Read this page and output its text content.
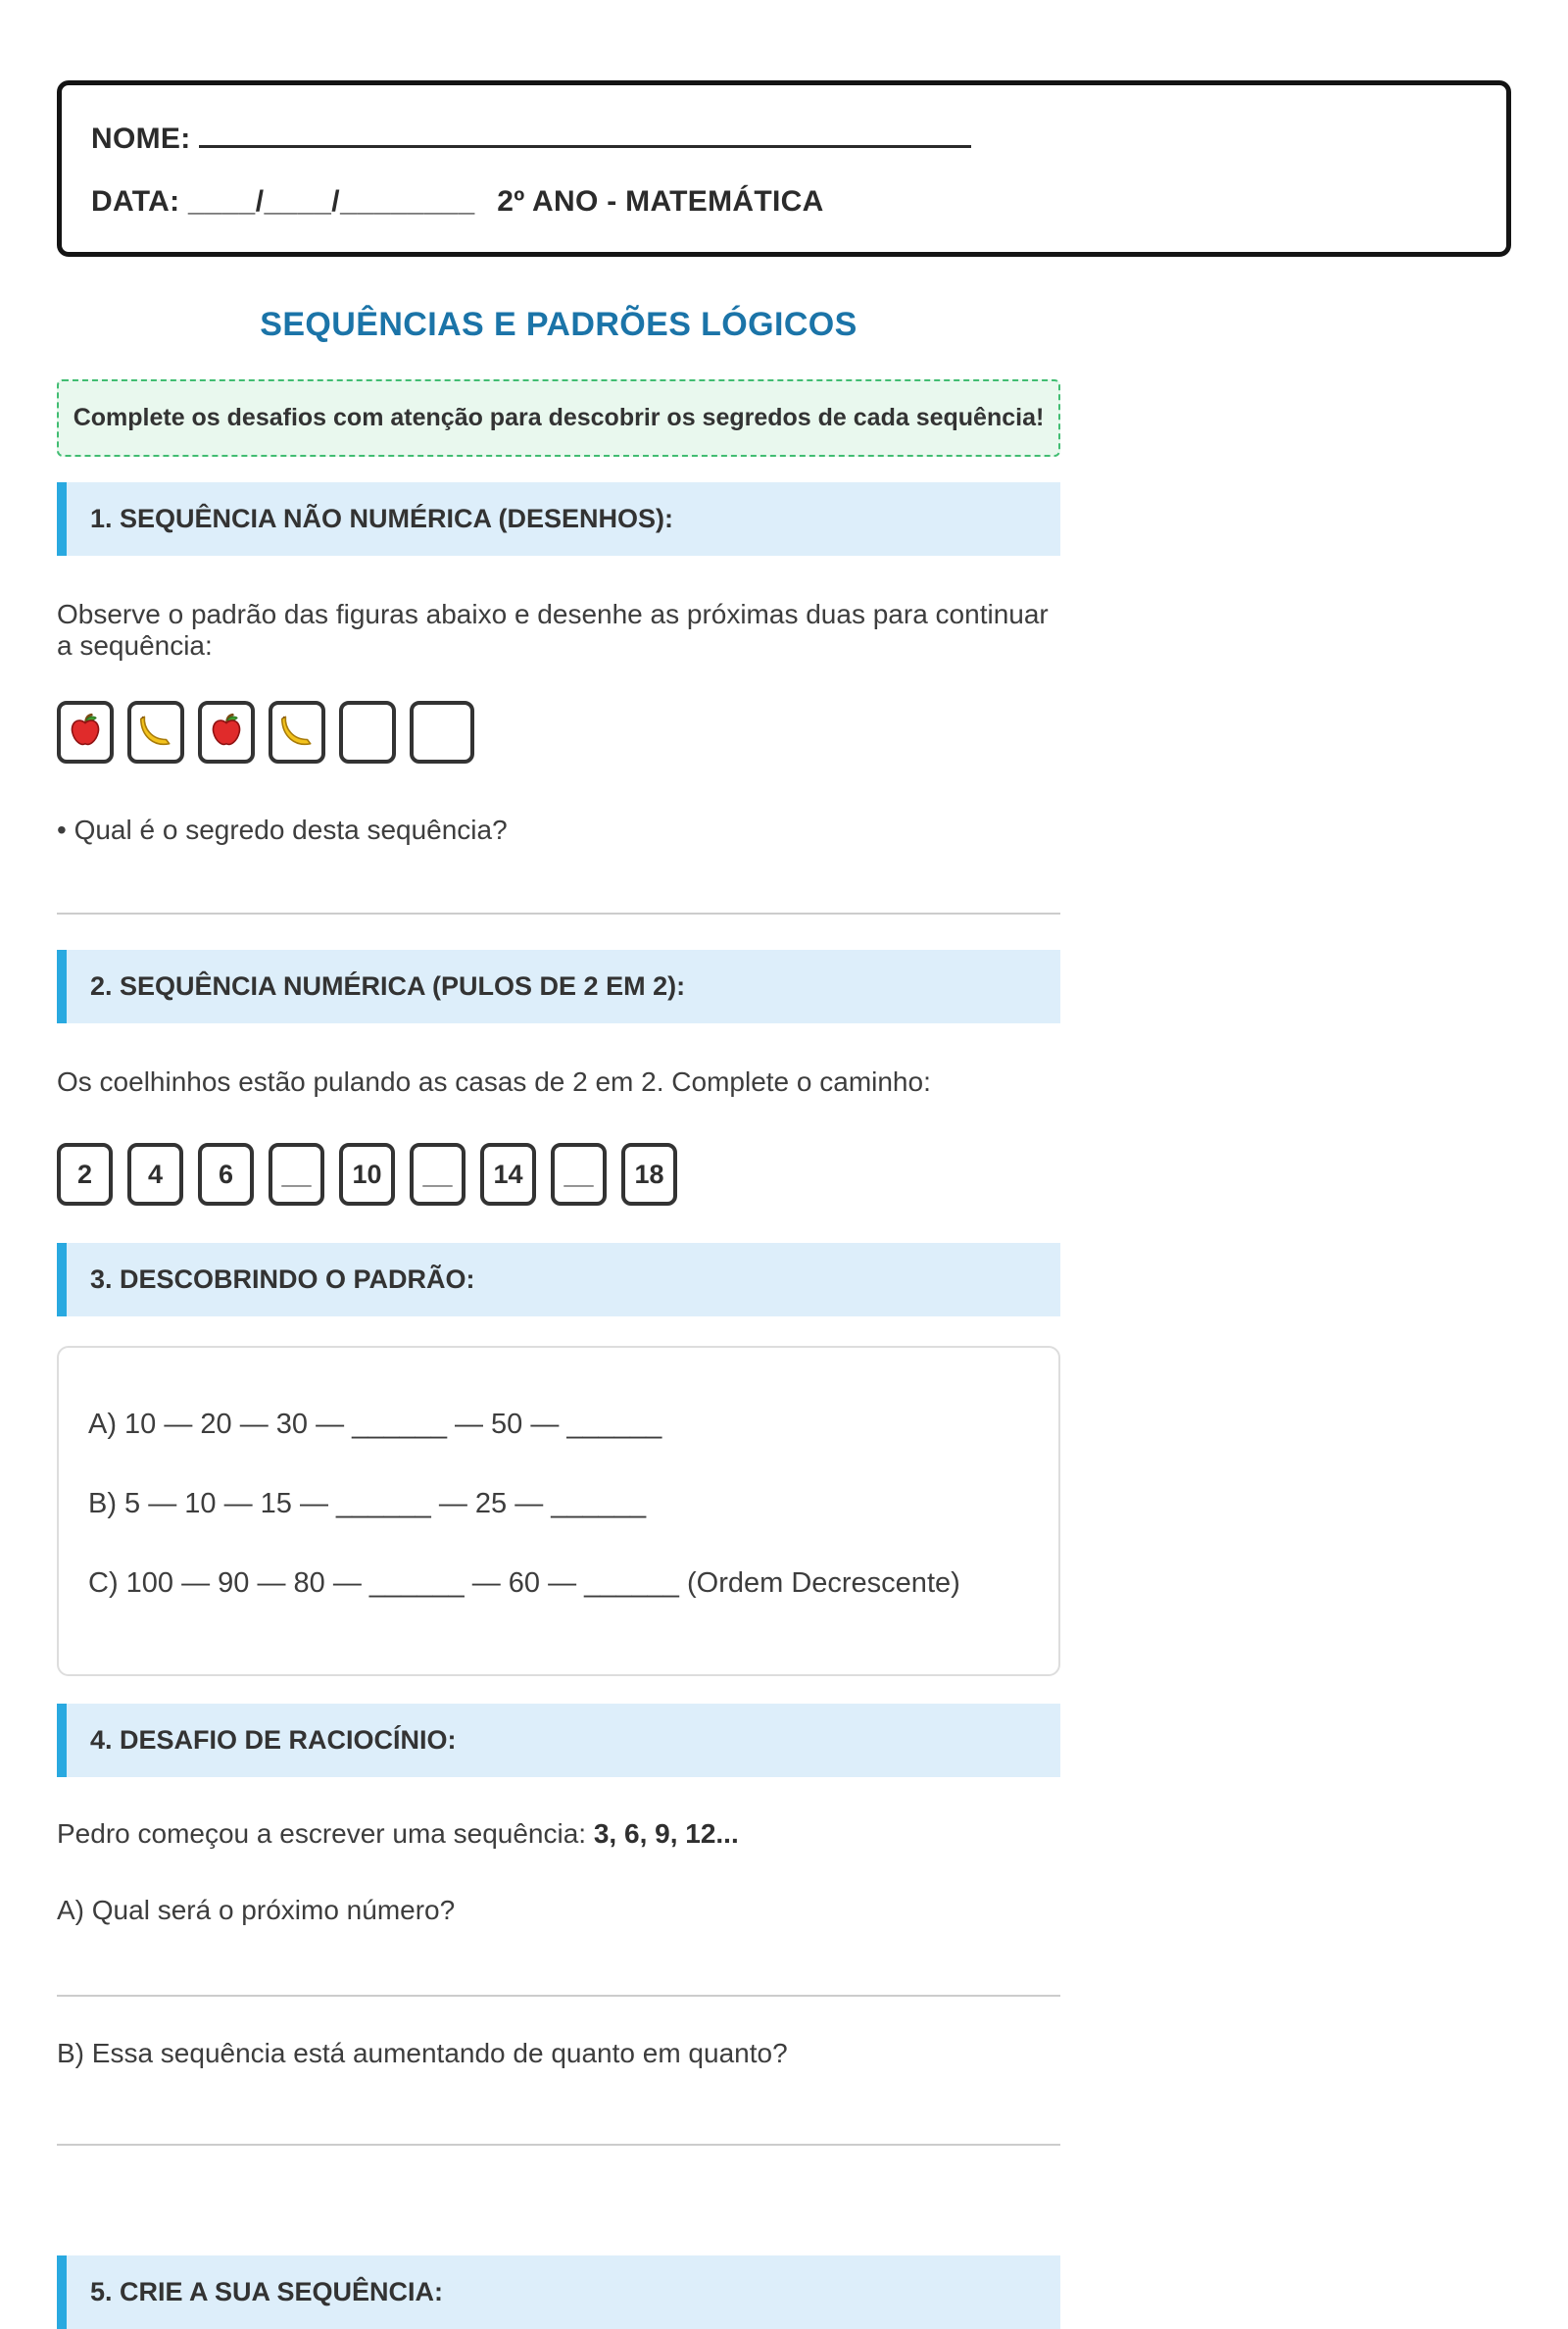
NOME:
DATA: ____/____/________ 2º ANO - MATEMÁTICA
SEQUÊNCIAS E PADRÕES LÓGICOS
Complete os desafios com atenção para descobrir os segredos de cada sequência!
1. SEQUÊNCIA NÃO NUMÉRICA (DESENHOS):

Observe o padrão das figuras abaixo e desenhe as próximas duas para continuar a sequência:

• Qual é o segredo desta sequência?

2. SEQUÊNCIA NUMÉRICA (PULOS DE 2 EM 2):

Os coelhinhos estão pulando as casas de 2 em 2. Complete o caminho:

2	4	6	__	10	__	14	__	18
3. DESCOBRINDO O PADRÃO:

A) 10 — 20 — 30 — ______ — 50 — ______

B) 5 — 10 — 15 — ______ — 25 — ______

C) 100 — 90 — 80 — ______ — 60 — ______ (Ordem Decrescente)

4. DESAFIO DE RACIOCÍNIO:

Pedro começou a escrever uma sequência: 3, 6, 9, 12...

A) Qual será o próximo número?

B) Essa sequência está aumentando de quanto em quanto?

5. CRIE A SUA SEQUÊNCIA:
